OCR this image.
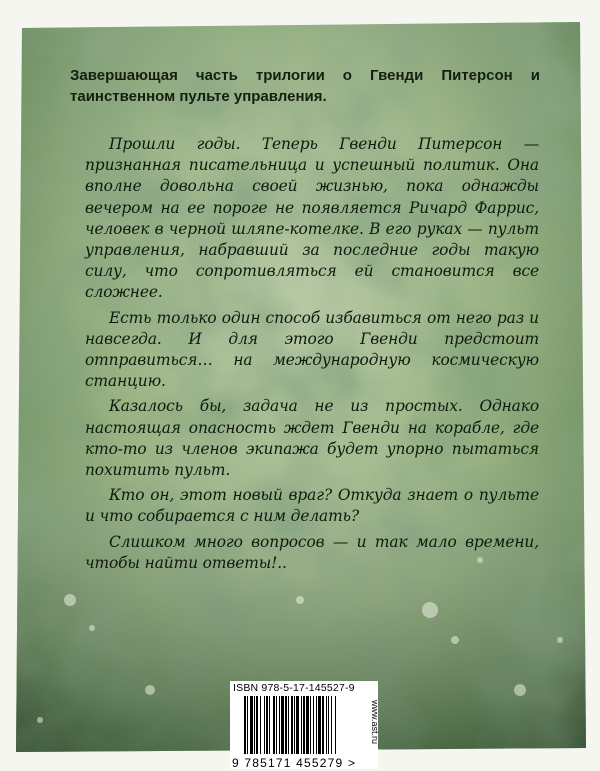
Завершающая часть трилогии о Гвенди Питерсон и таинственном пульте управления.

Прошли годы. Теперь Гвенди Питерсон — признанная писательница и успешный политик. Она вполне довольна своей жизнью, пока однажды вечером на ее пороге не появляется Ричард Фаррис, человек в черной шляпе-котелке. В его руках — пульт управления, набравший за последние годы такую силу, что сопротивляться ей становится все сложнее.

Есть только один способ избавиться от него раз и навсегда. И для этого Гвенди предстоит отправиться… на международную космическую станцию.

Казалось бы, задача не из простых. Однако настоящая опасность ждет Гвенди на корабле, где кто-то из членов экипажа будет упорно пытаться похитить пульт.

Кто он, этот новый враг? Откуда знает о пульте и что собирается с ним делать?

Слишком много вопросов — и так мало времени, чтобы найти ответы!..

ISBN 978-5-17-145527-9
9 785171 455279 >
www.ast.ru
